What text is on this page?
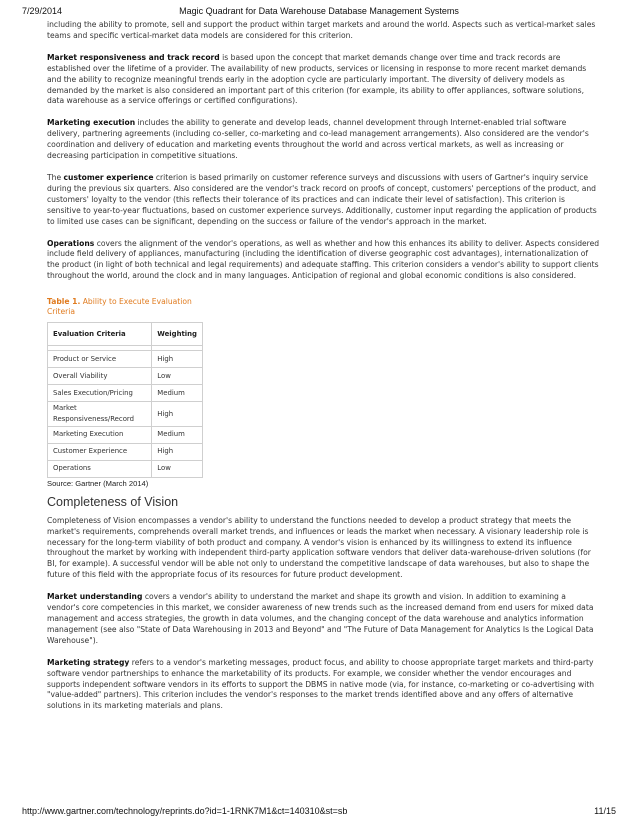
7/29/2014	Magic Quadrant for Data Warehouse Database Management Systems

including the ability to promote, sell and support the product within target markets and around the world. Aspects such as vertical-market sales teams and specific vertical-market data models are considered for this criterion.

Market responsiveness and track record is based upon the concept that market demands change over time and track records are established over the lifetime of a provider. The availability of new products, services or licensing in response to more recent market demands and the ability to recognize meaningful trends early in the adoption cycle are particularly important. The diversity of delivery models as demanded by the market is also considered an important part of this criterion (for example, its ability to offer appliances, software solutions, data warehouse as a service offerings or certified configurations).

Marketing execution includes the ability to generate and develop leads, channel development through Internet-enabled trial software delivery, partnering agreements (including co-seller, co-marketing and co-lead management arrangements). Also considered are the vendor's coordination and delivery of education and marketing events throughout the world and across vertical markets, as well as increasing or decreasing participation in competitive situations.

The customer experience criterion is based primarily on customer reference surveys and discussions with users of Gartner's inquiry service during the previous six quarters. Also considered are the vendor's track record on proofs of concept, customers' perceptions of the product, and customers' loyalty to the vendor (this reflects their tolerance of its practices and can indicate their level of satisfaction). This criterion is sensitive to year-to-year fluctuations, based on customer experience surveys. Additionally, customer input regarding the application of products to limited use cases can be significant, depending on the success or failure of the vendor's approach in the market.

Operations covers the alignment of the vendor's operations, as well as whether and how this enhances its ability to deliver. Aspects considered include field delivery of appliances, manufacturing (including the identification of diverse geographic cost advantages), internationalization of the product (in light of both technical and legal requirements) and adequate staffing. This criterion considers a vendor's ability to support clients throughout the world, around the clock and in many languages. Anticipation of regional and global economic conditions is also considered.

Table 1. Ability to Execute Evaluation Criteria
Evaluation Criteria	Weighting

Product or Service	High
Overall Viability	Low
Sales Execution/Pricing	Medium
Market Responsiveness/Record	High
Marketing Execution	Medium
Customer Experience	High
Operations	Low
Source: Gartner (March 2014)
Completeness of Vision

Completeness of Vision encompasses a vendor's ability to understand the functions needed to develop a product strategy that meets the market's requirements, comprehends overall market trends, and influences or leads the market when necessary. A visionary leadership role is necessary for the long-term viability of both product and company. A vendor's vision is enhanced by its willingness to extend its influence throughout the market by working with independent third-party application software vendors that deliver data-warehouse-driven solutions (for BI, for example). A successful vendor will be able not only to understand the competitive landscape of data warehouses, but also to shape the future of this field with the appropriate focus of its resources for future product development.

Market understanding covers a vendor's ability to understand the market and shape its growth and vision. In addition to examining a vendor's core competencies in this market, we consider awareness of new trends such as the increased demand from end users for mixed data management and access strategies, the growth in data volumes, and the changing concept of the data warehouse and analytics information management (see also "State of Data Warehousing in 2013 and Beyond" and "The Future of Data Management for Analytics Is the Logical Data Warehouse").

Marketing strategy refers to a vendor's marketing messages, product focus, and ability to choose appropriate target markets and third-party software vendor partnerships to enhance the marketability of its products. For example, we consider whether the vendor encourages and supports independent software vendors in its efforts to support the DBMS in native mode (via, for instance, co-marketing or co-advertising with "value-added" partners). This criterion includes the vendor's responses to the market trends identified above and any offers of alternative solutions in its marketing materials and plans.

http://www.gartner.com/technology/reprints.do?id=1-1RNK7M1&ct=140310&st=sb	11/15
